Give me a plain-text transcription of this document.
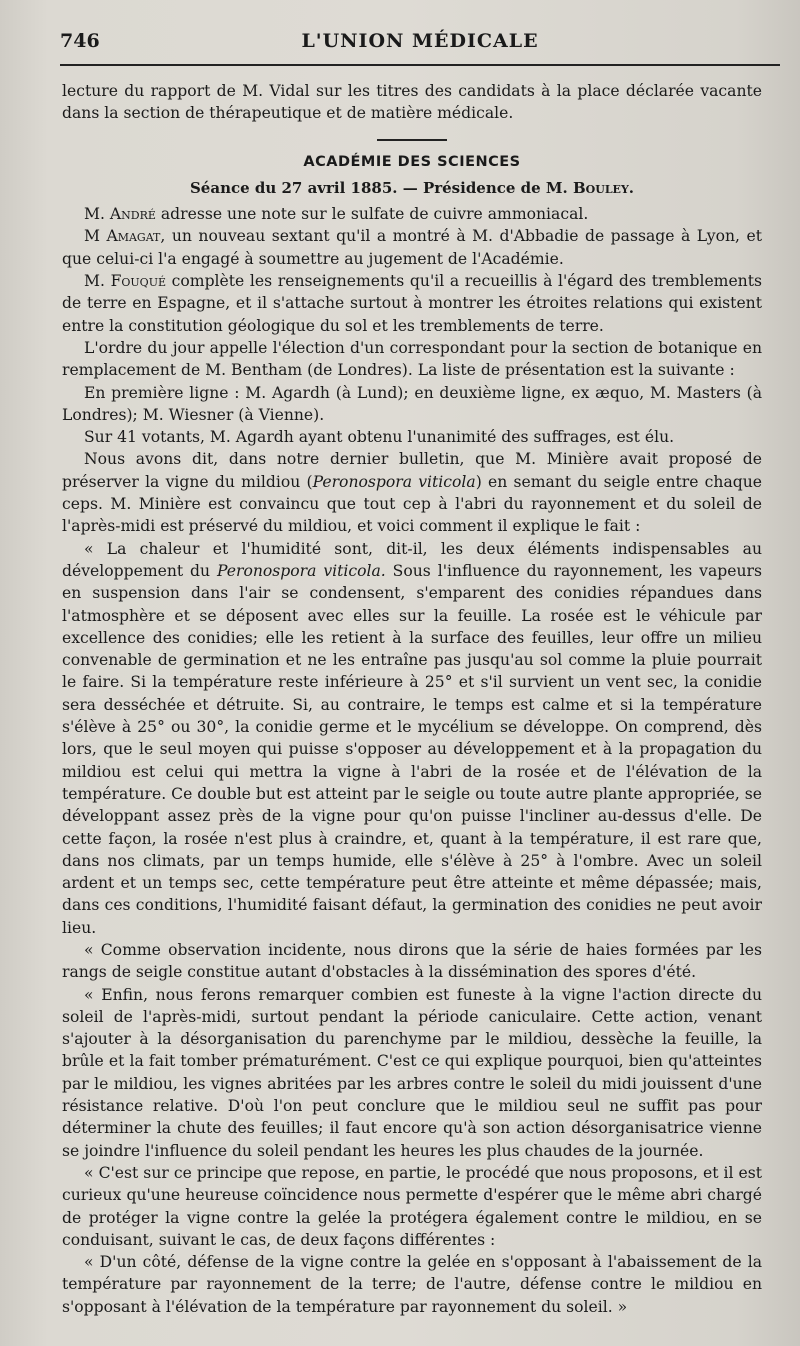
746	L'UNION MÉDICALE

lecture du rapport de M. Vidal sur les titres des candidats à la place déclarée vacante dans la section de thérapeutique et de matière médicale.

ACADÉMIE DES SCIENCES
Séance du 27 avril 1885. — Présidence de M. Bouley.

M. André adresse une note sur le sulfate de cuivre ammoniacal.

M Amagat, un nouveau sextant qu'il a montré à M. d'Abbadie de passage à Lyon, et que celui-ci l'a engagé à soumettre au jugement de l'Académie.

M. Fouqué complète les renseignements qu'il a recueillis à l'égard des tremblements de terre en Espagne, et il s'attache surtout à montrer les étroites relations qui existent entre la constitution géologique du sol et les tremblements de terre.

L'ordre du jour appelle l'élection d'un correspondant pour la section de botanique en remplacement de M. Bentham (de Londres). La liste de présentation est la suivante :

En première ligne : M. Agardh (à Lund); en deuxième ligne, ex æquo, M. Masters (à Londres); M. Wiesner (à Vienne).

Sur 41 votants, M. Agardh ayant obtenu l'unanimité des suffrages, est élu.

Nous avons dit, dans notre dernier bulletin, que M. Minière avait proposé de préserver la vigne du mildiou (Peronospora viticola) en semant du seigle entre chaque ceps. M. Minière est convaincu que tout cep à l'abri du rayonnement et du soleil de l'après-midi est préservé du mildiou, et voici comment il explique le fait :

« La chaleur et l'humidité sont, dit-il, les deux éléments indispensables au développement du Peronospora viticola. Sous l'influence du rayonnement, les vapeurs en suspension dans l'air se condensent, s'emparent des conidies répandues dans l'atmosphère et se déposent avec elles sur la feuille. La rosée est le véhicule par excellence des conidies; elle les retient à la surface des feuilles, leur offre un milieu convenable de germination et ne les entraîne pas jusqu'au sol comme la pluie pourrait le faire. Si la température reste inférieure à 25° et s'il survient un vent sec, la conidie sera desséchée et détruite. Si, au contraire, le temps est calme et si la température s'élève à 25° ou 30°, la conidie germe et le mycélium se développe. On comprend, dès lors, que le seul moyen qui puisse s'opposer au développement et à la propagation du mildiou est celui qui mettra la vigne à l'abri de la rosée et de l'élévation de la température. Ce double but est atteint par le seigle ou toute autre plante appropriée, se développant assez près de la vigne pour qu'on puisse l'incliner au-dessus d'elle. De cette façon, la rosée n'est plus à craindre, et, quant à la température, il est rare que, dans nos climats, par un temps humide, elle s'élève à 25° à l'ombre. Avec un soleil ardent et un temps sec, cette température peut être atteinte et même dépassée; mais, dans ces conditions, l'humidité faisant défaut, la germination des conidies ne peut avoir lieu.

« Comme observation incidente, nous dirons que la série de haies formées par les rangs de seigle constitue autant d'obstacles à la dissémination des spores d'été.

« Enfin, nous ferons remarquer combien est funeste à la vigne l'action directe du soleil de l'après-midi, surtout pendant la période caniculaire. Cette action, venant s'ajouter à la désorganisation du parenchyme par le mildiou, dessèche la feuille, la brûle et la fait tomber prématurément. C'est ce qui explique pourquoi, bien qu'atteintes par le mildiou, les vignes abritées par les arbres contre le soleil du midi jouissent d'une résistance relative. D'où l'on peut conclure que le mildiou seul ne suffit pas pour déterminer la chute des feuilles; il faut encore qu'à son action désorganisatrice vienne se joindre l'influence du soleil pendant les heures les plus chaudes de la journée.

« C'est sur ce principe que repose, en partie, le procédé que nous proposons, et il est curieux qu'une heureuse coïncidence nous permette d'espérer que le même abri chargé de protéger la vigne contre la gelée la protégera également contre le mildiou, en se conduisant, suivant le cas, de deux façons différentes :

« D'un côté, défense de la vigne contre la gelée en s'opposant à l'abaissement de la température par rayonnement de la terre; de l'autre, défense contre le mildiou en s'opposant à l'élévation de la température par rayonnement du soleil. »
